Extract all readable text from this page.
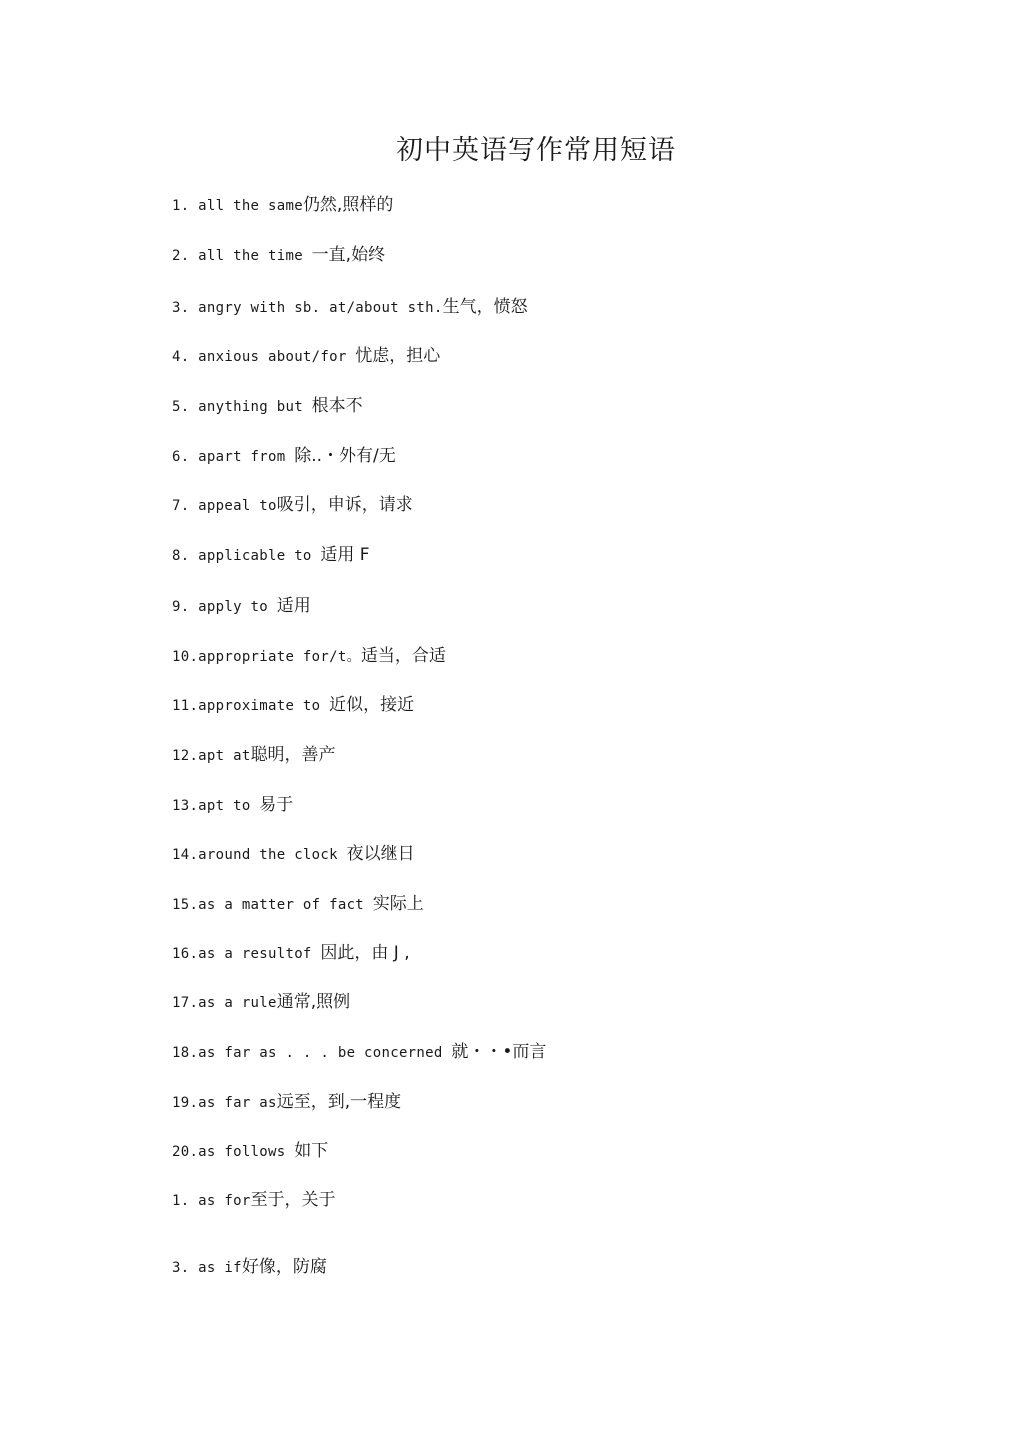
初中英语写作常用短语
1. all the same仍然,照样的
2. all the time 一直,始终
3. angry with sb. at/about sth.生气，愤怒
4. anxious about/for 忧虑，担心
5. anything but 根本不
6. apart from 除..・外有/无
7. appeal to吸引，申诉，请求
8. applicable to 适用 F
9. apply to 适用
10.appropriate for/t。适当，合适
11.approximate to 近似，接近
12.apt at聪明，善产
13.apt to 易于
14.around the clock 夜以继日
15.as a matter of fact 实际上
16.as a resultof 因此，由 J ,
17.as a rule通常,照例
18.as far as . . . be concerned 就・・•而言
19.as far as远至，到,一程度
20.as follows 如下
1. as for至于，关于
3. as if好像，防腐
